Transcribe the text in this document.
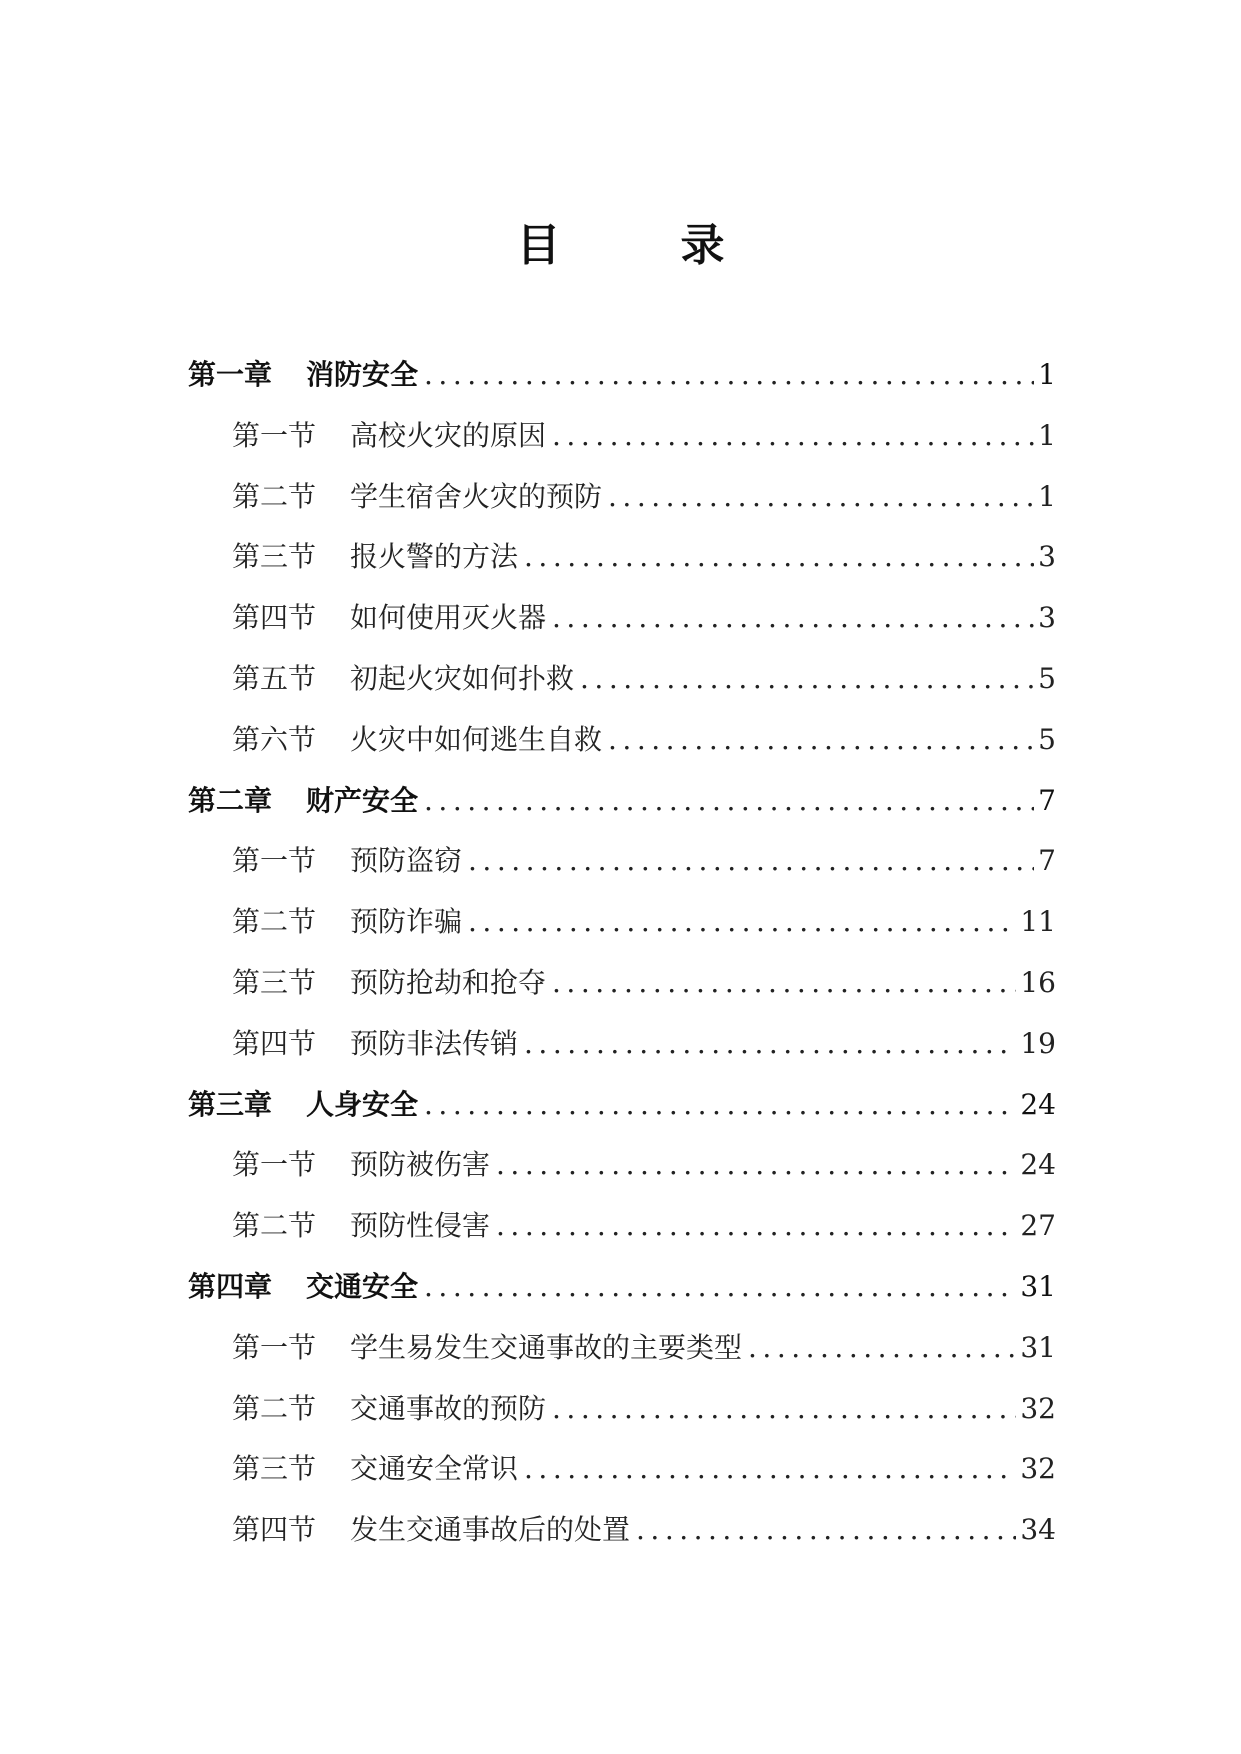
目　录
第一章 消防安全 .....	1
第一节 高校火灾的原因 .....	1
第二节 学生宿舍火灾的预防 .....	1
第三节 报火警的方法 .....	3
第四节 如何使用灭火器 .....	3
第五节 初起火灾如何扑救 .....	5
第六节 火灾中如何逃生自救 .....	5
第二章 财产安全 .....	7
第一节 预防盗窃 .....	7
第二节 预防诈骗 .....	11
第三节 预防抢劫和抢夺 .....	16
第四节 预防非法传销 .....	19
第三章 人身安全 .....	24
第一节 预防被伤害 .....	24
第二节 预防性侵害 .....	27
第四章 交通安全 .....	31
第一节 学生易发生交通事故的主要类型 .....	31
第二节 交通事故的预防 .....	32
第三节 交通安全常识 .....	32
第四节 发生交通事故后的处置 .....	34
